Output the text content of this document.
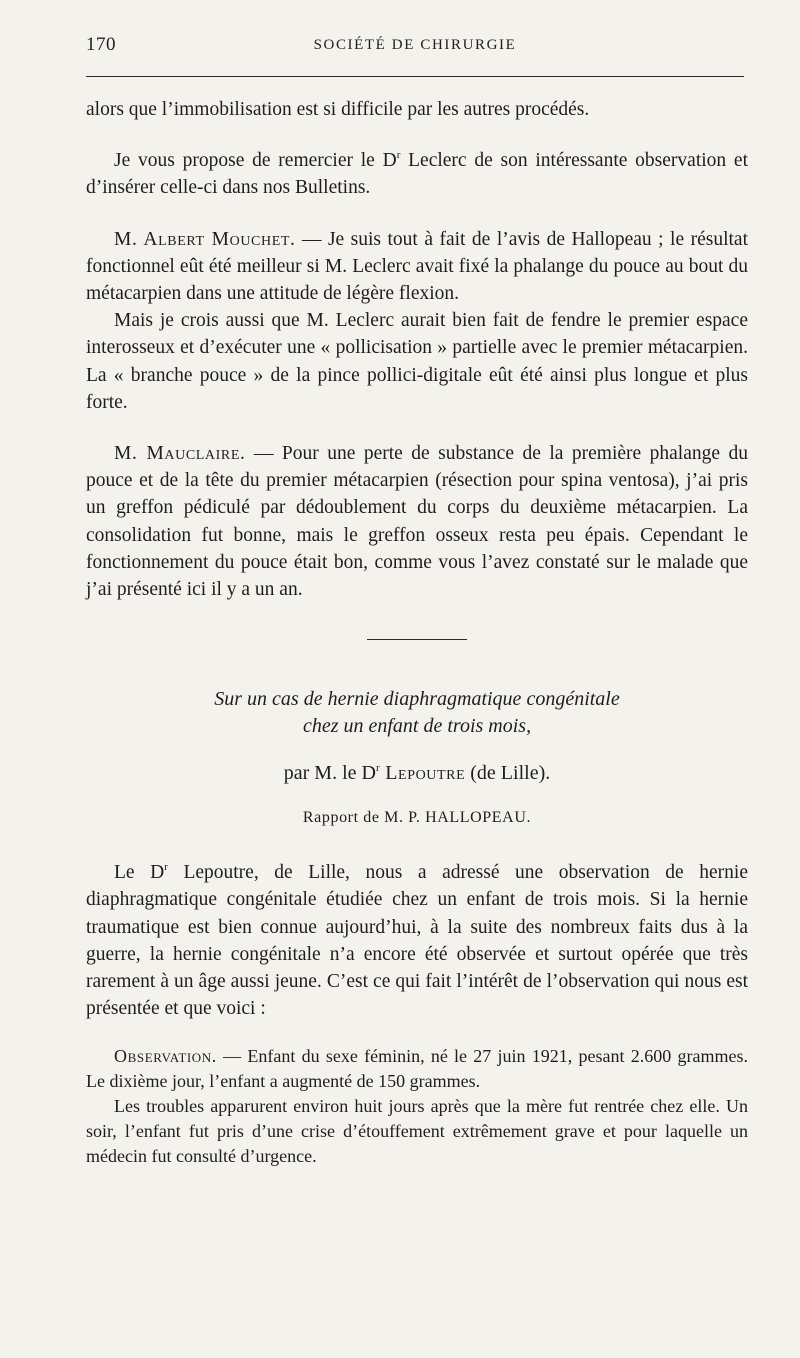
170	SOCIÉTÉ DE CHIRURGIE

alors que l’immobilisation est si difficile par les autres procédés.

Je vous propose de remercier le $D^r$ Leclerc de son intéressante observation et d’insérer celle-ci dans nos Bulletins.

M. Albert Mouchet. — Je suis tout à fait de l’avis de Hallopeau ; le résultat fonctionnel eût été meilleur si M. Leclerc avait fixé la phalange du pouce au bout du métacarpien dans une attitude de légère flexion.

Mais je crois aussi que M. Leclerc aurait bien fait de fendre le premier espace interosseux et d’exécuter une « pollicisation » partielle avec le premier métacarpien. La « branche pouce » de la pince pollici-digitale eût été ainsi plus longue et plus forte.

M. Mauclaire. — Pour une perte de substance de la première phalange du pouce et de la tête du premier métacarpien (résection pour spina ventosa), j’ai pris un greffon pédiculé par dédoublement du corps du deuxième métacarpien. La consolidation fut bonne, mais le greffon osseux resta peu épais. Cependant le fonctionnement du pouce était bon, comme vous l’avez constaté sur le malade que j’ai présenté ici il y a un an.

Sur un cas de hernie diaphragmatique congénitale
chez un enfant de trois mois,
par M. le $D^r$ Lepoutre (de Lille).
Rapport de M. P. HALLOPEAU.

Le $D^r$ Lepoutre, de Lille, nous a adressé une observation de hernie diaphragmatique congénitale étudiée chez un enfant de trois mois. Si la hernie traumatique est bien connue aujourd’hui, à la suite des nombreux faits dus à la guerre, la hernie congénitale n’a encore été observée et surtout opérée que très rarement à un âge aussi jeune. C’est ce qui fait l’intérêt de l’observation qui nous est présentée et que voici :

Observation. — Enfant du sexe féminin, né le 27 juin 1921, pesant 2.600 grammes. Le dixième jour, l’enfant a augmenté de 150 grammes.

Les troubles apparurent environ huit jours après que la mère fut rentrée chez elle. Un soir, l’enfant fut pris d’une crise d’étouffement extrêmement grave et pour laquelle un médecin fut consulté d’urgence.
